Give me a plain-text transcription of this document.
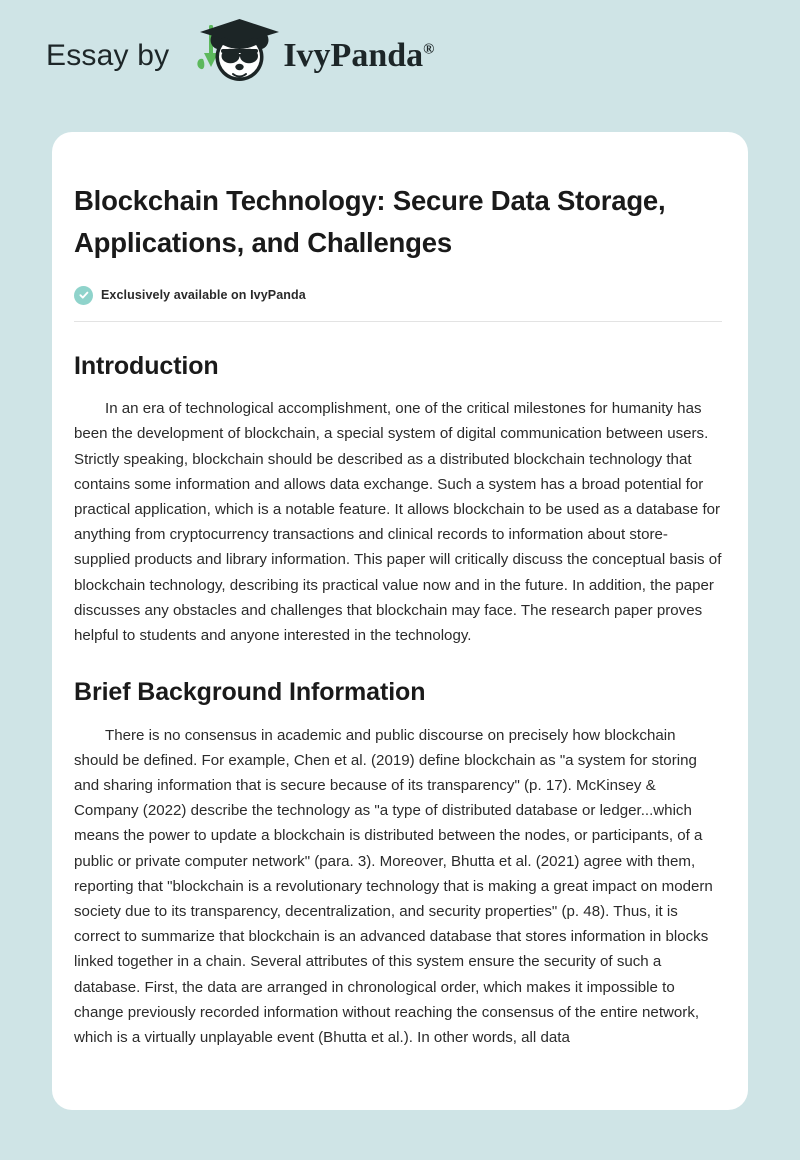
Essay by	IvyPanda®
Blockchain Technology: Secure Data Storage, Applications, and Challenges
Exclusively available on IvyPanda
Introduction

In an era of technological accomplishment, one of the critical milestones for humanity has been the development of blockchain, a special system of digital communication between users. Strictly speaking, blockchain should be described as a distributed blockchain technology that contains some information and allows data exchange. Such a system has a broad potential for practical application, which is a notable feature. It allows blockchain to be used as a database for anything from cryptocurrency transactions and clinical records to information about store-supplied products and library information. This paper will critically discuss the conceptual basis of blockchain technology, describing its practical value now and in the future. In addition, the paper discusses any obstacles and challenges that blockchain may face. The research paper proves helpful to students and anyone interested in the technology.

Brief Background Information

There is no consensus in academic and public discourse on precisely how blockchain should be defined. For example, Chen et al. (2019) define blockchain as "a system for storing and sharing information that is secure because of its transparency" (p. 17). McKinsey & Company (2022) describe the technology as "a type of distributed database or ledger...which means the power to update a blockchain is distributed between the nodes, or participants, of a public or private computer network" (para. 3). Moreover, Bhutta et al. (2021) agree with them, reporting that "blockchain is a revolutionary technology that is making a great impact on modern society due to its transparency, decentralization, and security properties" (p. 48). Thus, it is correct to summarize that blockchain is an advanced database that stores information in blocks linked together in a chain. Several attributes of this system ensure the security of such a database. First, the data are arranged in chronological order, which makes it impossible to change previously recorded information without reaching the consensus of the entire network, which is a virtually unplayable event (Bhutta et al.). In other words, all data
